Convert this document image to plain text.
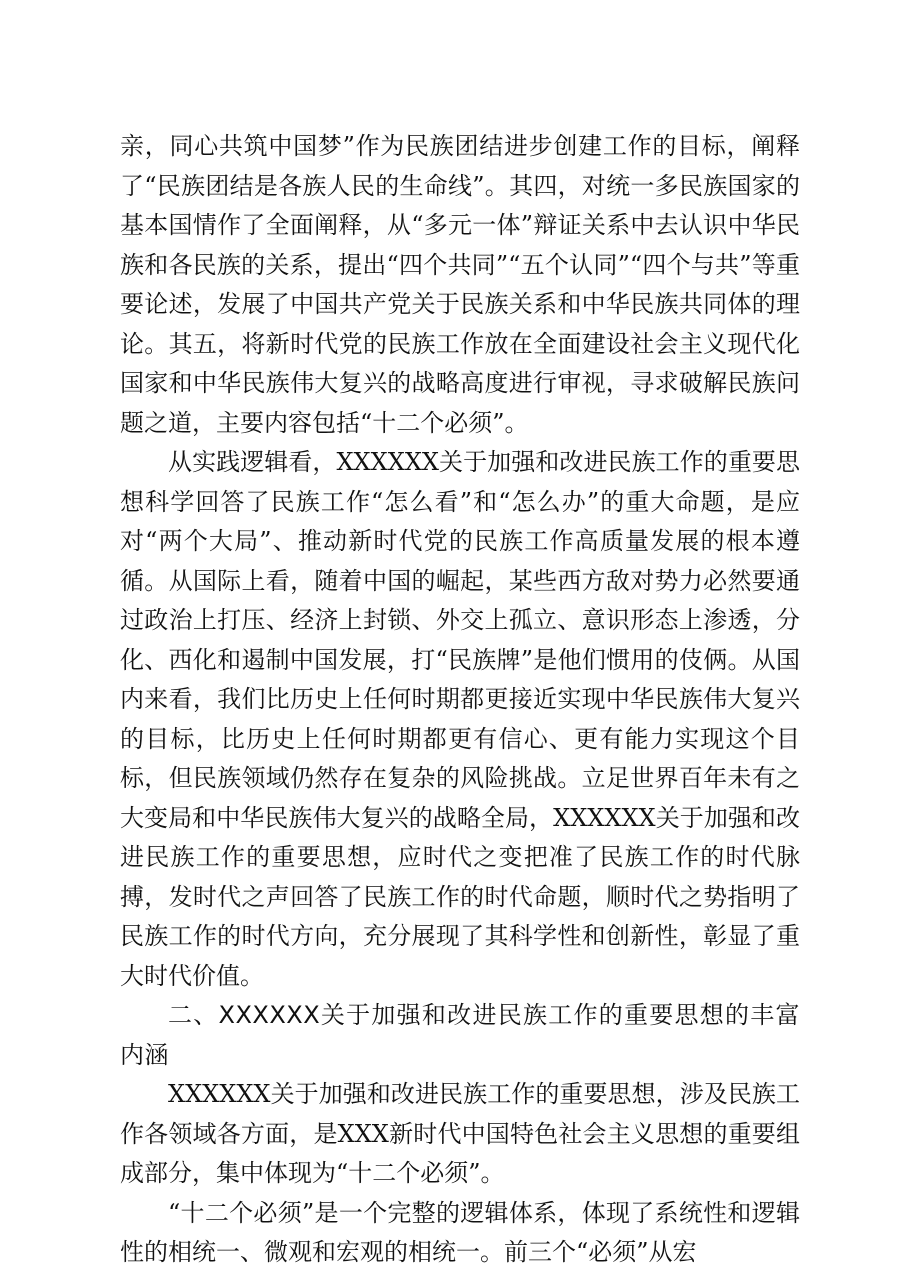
亲，同心共筑中国梦”作为民族团结进步创建工作的目标，阐释了“民族团结是各族人民的生命线”。其四，对统一多民族国家的基本国情作了全面阐释，从“多元一体”辩证关系中去认识中华民族和各民族的关系，提出“四个共同”“五个认同”“四个与共”等重要论述，发展了中国共产党关于民族关系和中华民族共同体的理论。其五，将新时代党的民族工作放在全面建设社会主义现代化国家和中华民族伟大复兴的战略高度进行审视，寻求破解民族问题之道，主要内容包括“十二个必须”。

从实践逻辑看，XXXXXX关于加强和改进民族工作的重要思想科学回答了民族工作“怎么看”和“怎么办”的重大命题，是应对“两个大局”、推动新时代党的民族工作高质量发展的根本遵循。从国际上看，随着中国的崛起，某些西方敌对势力必然要通过政治上打压、经济上封锁、外交上孤立、意识形态上渗透，分化、西化和遏制中国发展，打“民族牌”是他们惯用的伎俩。从国内来看，我们比历史上任何时期都更接近实现中华民族伟大复兴的目标，比历史上任何时期都更有信心、更有能力实现这个目标，但民族领域仍然存在复杂的风险挑战。立足世界百年未有之大变局和中华民族伟大复兴的战略全局，XXXXXX关于加强和改进民族工作的重要思想，应时代之变把准了民族工作的时代脉搏，发时代之声回答了民族工作的时代命题，顺时代之势指明了民族工作的时代方向，充分展现了其科学性和创新性，彰显了重大时代价值。

二、XXXXXX关于加强和改进民族工作的重要思想的丰富内涵

XXXXXX关于加强和改进民族工作的重要思想，涉及民族工作各领域各方面，是XXX新时代中国特色社会主义思想的重要组成部分，集中体现为“十二个必须”。

“十二个必须”是一个完整的逻辑体系，体现了系统性和逻辑性的相统一、微观和宏观的相统一。前三个“必须”从宏
